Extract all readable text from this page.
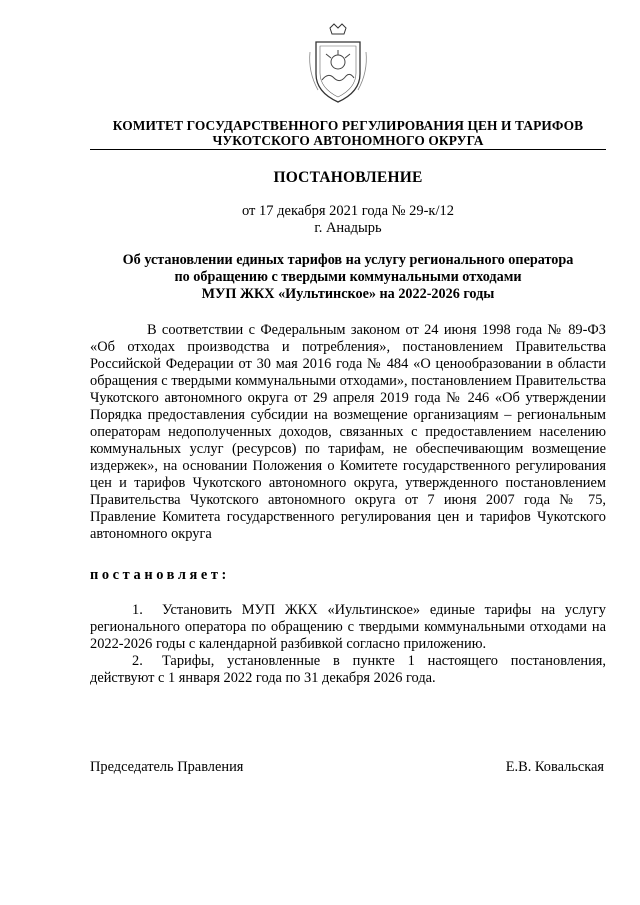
КОМИТЕТ ГОСУДАРСТВЕННОГО РЕГУЛИРОВАНИЯ ЦЕН И ТАРИФОВ
ЧУКОТСКОГО АВТОНОМНОГО ОКРУГА
ПОСТАНОВЛЕНИЕ
от 17 декабря 2021 года № 29-к/12
г. Анадырь
Об установлении единых тарифов на услугу регионального оператора
по обращению с твердыми коммунальными отходами
МУП ЖКХ «Иультинское» на 2022-2026 годы

В соответствии с Федеральным законом от 24 июня 1998 года № 89-ФЗ «Об отходах производства и потребления», постановлением Правительства Российской Федерации от 30 мая 2016 года № 484 «О ценообразовании в области обращения с твердыми коммунальными отходами», постановлением Правительства Чукотского автономного округа от 29 апреля 2019 года № 246 «Об утверждении Порядка предоставления субсидии на возмещение организациям – региональным операторам недополученных доходов, связанных с предоставлением населению коммунальных услуг (ресурсов) по тарифам, не обеспечивающим возмещение издержек», на основании Положения о Комитете государственного регулирования цен и тарифов Чукотского автономного округа, утвержденного постановлением Правительства Чукотского автономного округа от 7 июня 2007 года № 75, Правление Комитета государственного регулирования цен и тарифов Чукотского автономного округа

постановляет:

1. Установить МУП ЖКХ «Иультинское» единые тарифы на услугу регионального оператора по обращению с твердыми коммунальными отходами на 2022-2026 годы с календарной разбивкой согласно приложению.

2. Тарифы, установленные в пункте 1 настоящего постановления, действуют с 1 января 2022 года по 31 декабря 2026 года.

Председатель Правления	Е.В. Ковальская
